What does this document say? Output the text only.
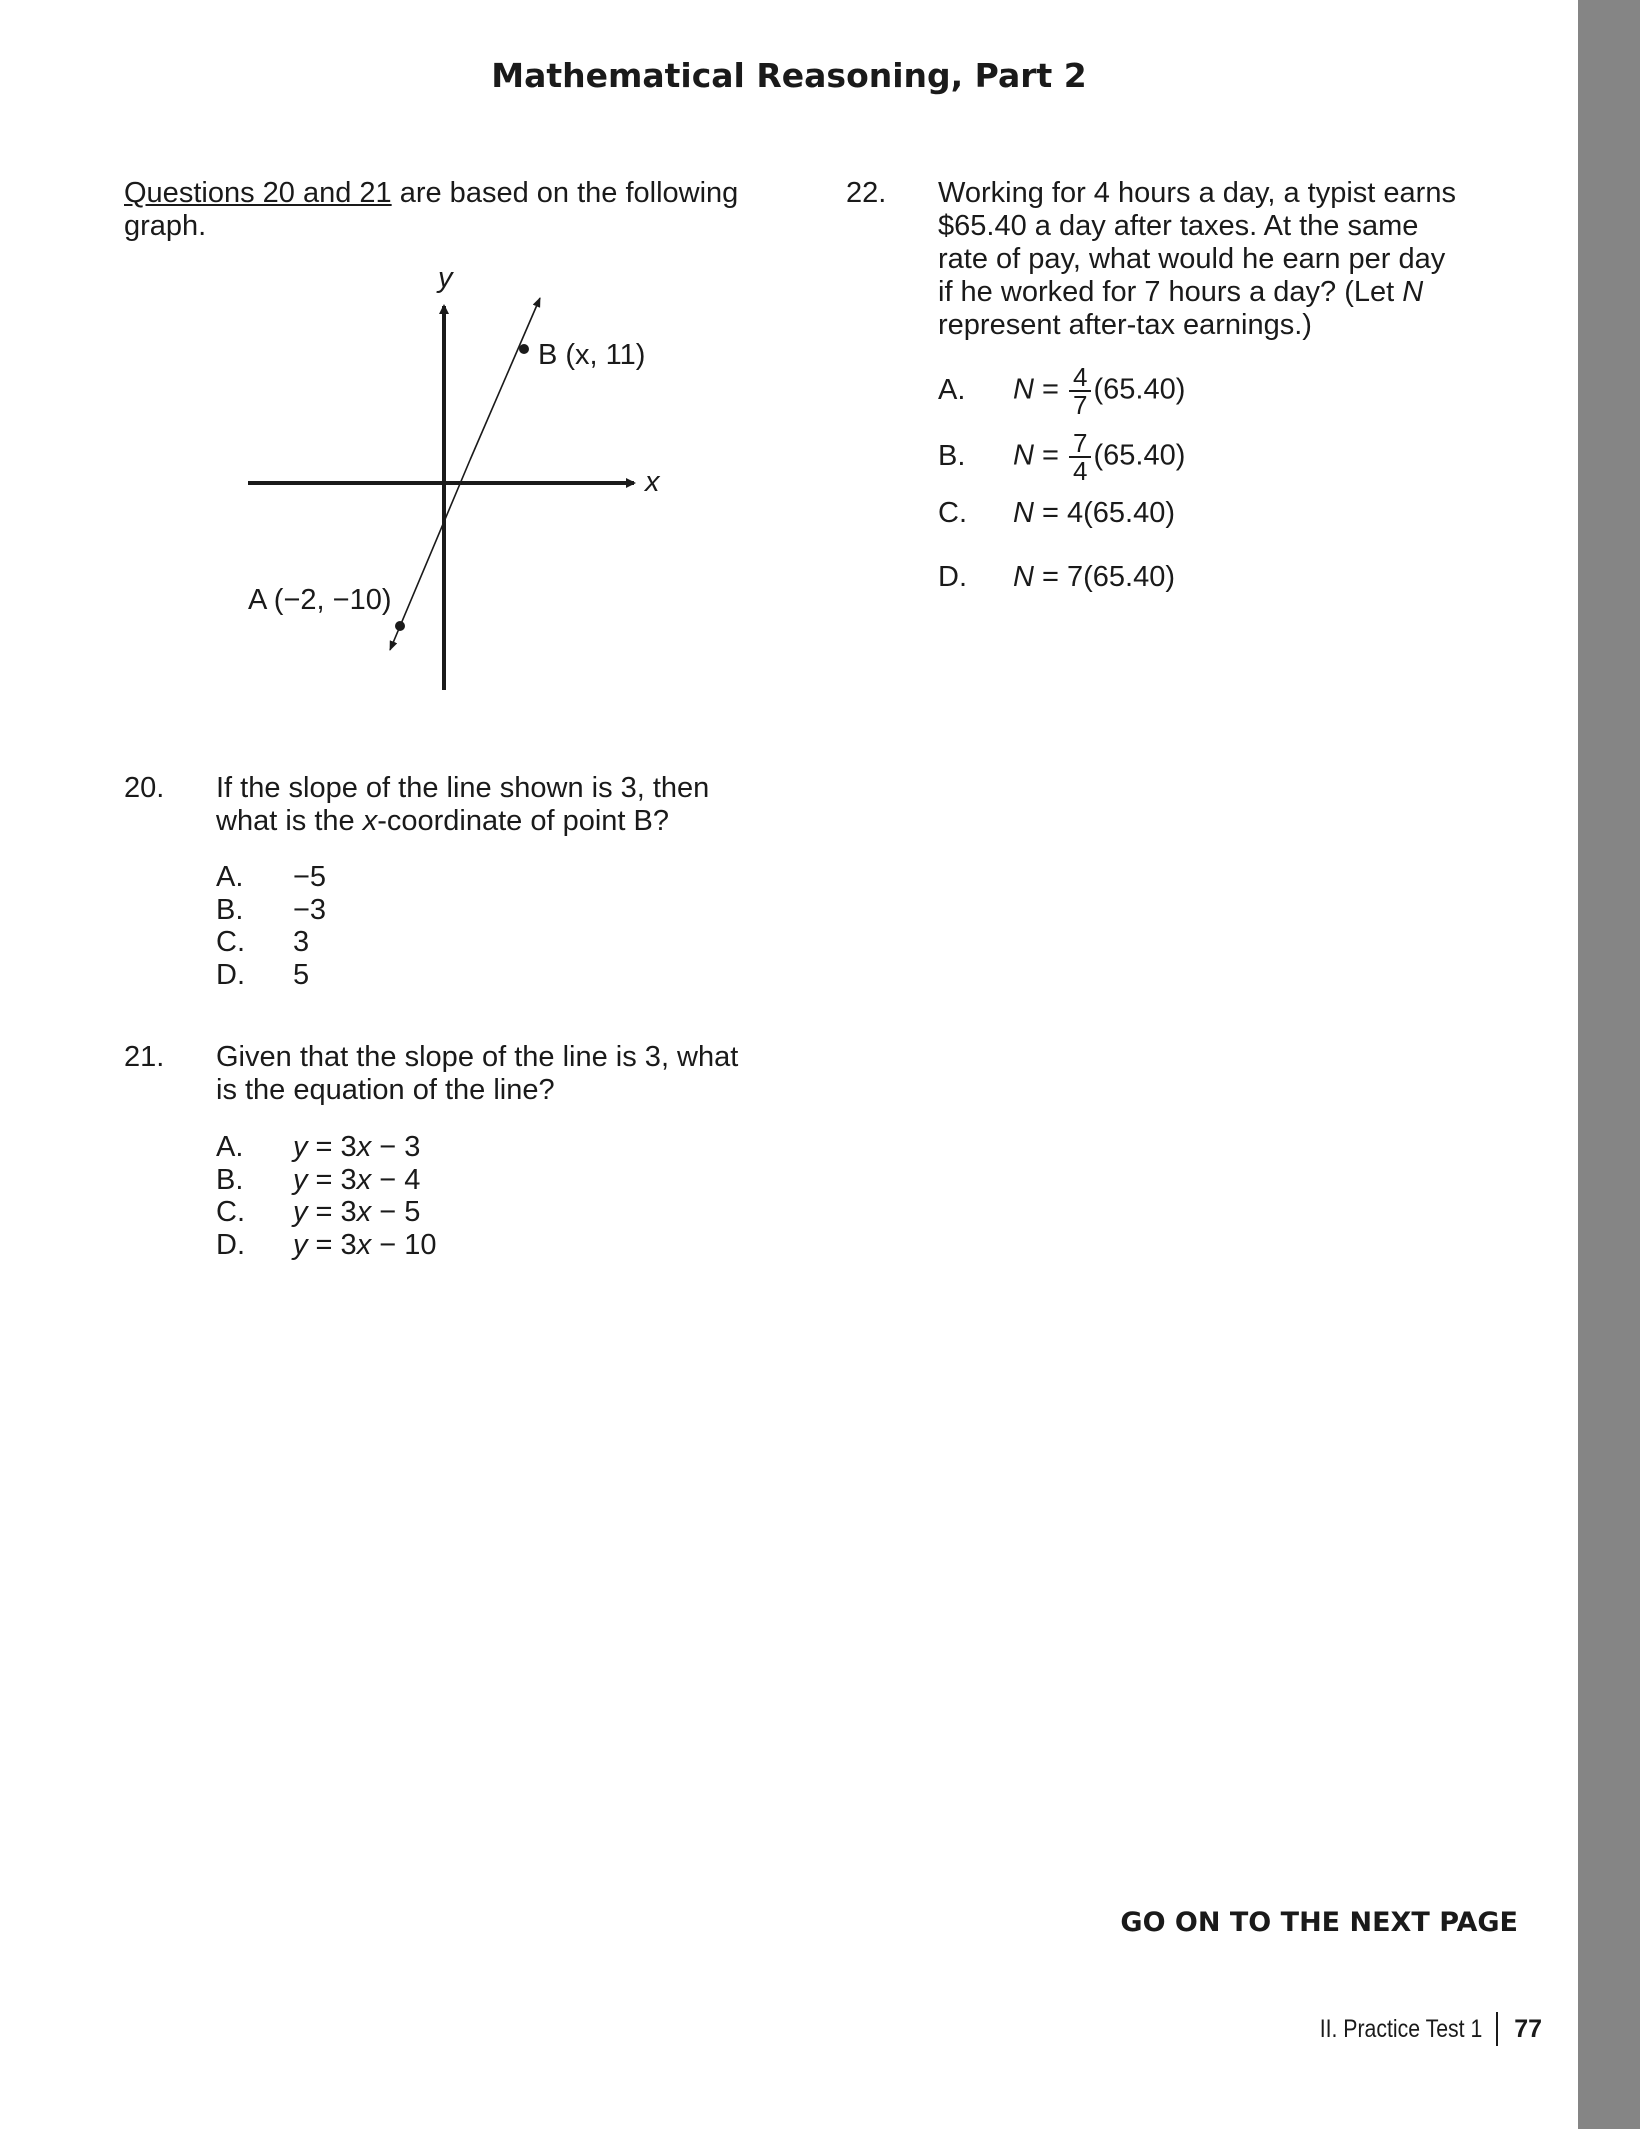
Mathematical Reasoning, Part 2
Questions 20 and 21 are based on the following
graph.
y
x
B (x, 11)
A (−2, −10)
20. If the slope of the line shown is 3, then
what is the x-coordinate of point B?
A. −5
B. −3
C. 3
D. 5
21. Given that the slope of the line is 3, what
is the equation of the line?
A. y = 3x − 3
B. y = 3x − 4
C. y = 3x − 5
D. y = 3x − 10
22. Working for 4 hours a day, a typist earns
$65.40 a day after taxes. At the same
rate of pay, what would he earn per day
if he worked for 7 hours a day? (Let N
represent after-tax earnings.)
A. $N = \frac{4}{7} (65.40)$
B. $N = \frac{7}{4} (65.40)$
C. N = 4(65.40)
D. N = 7(65.40)
GO ON TO THE NEXT PAGE
II. Practice Test 1 77
